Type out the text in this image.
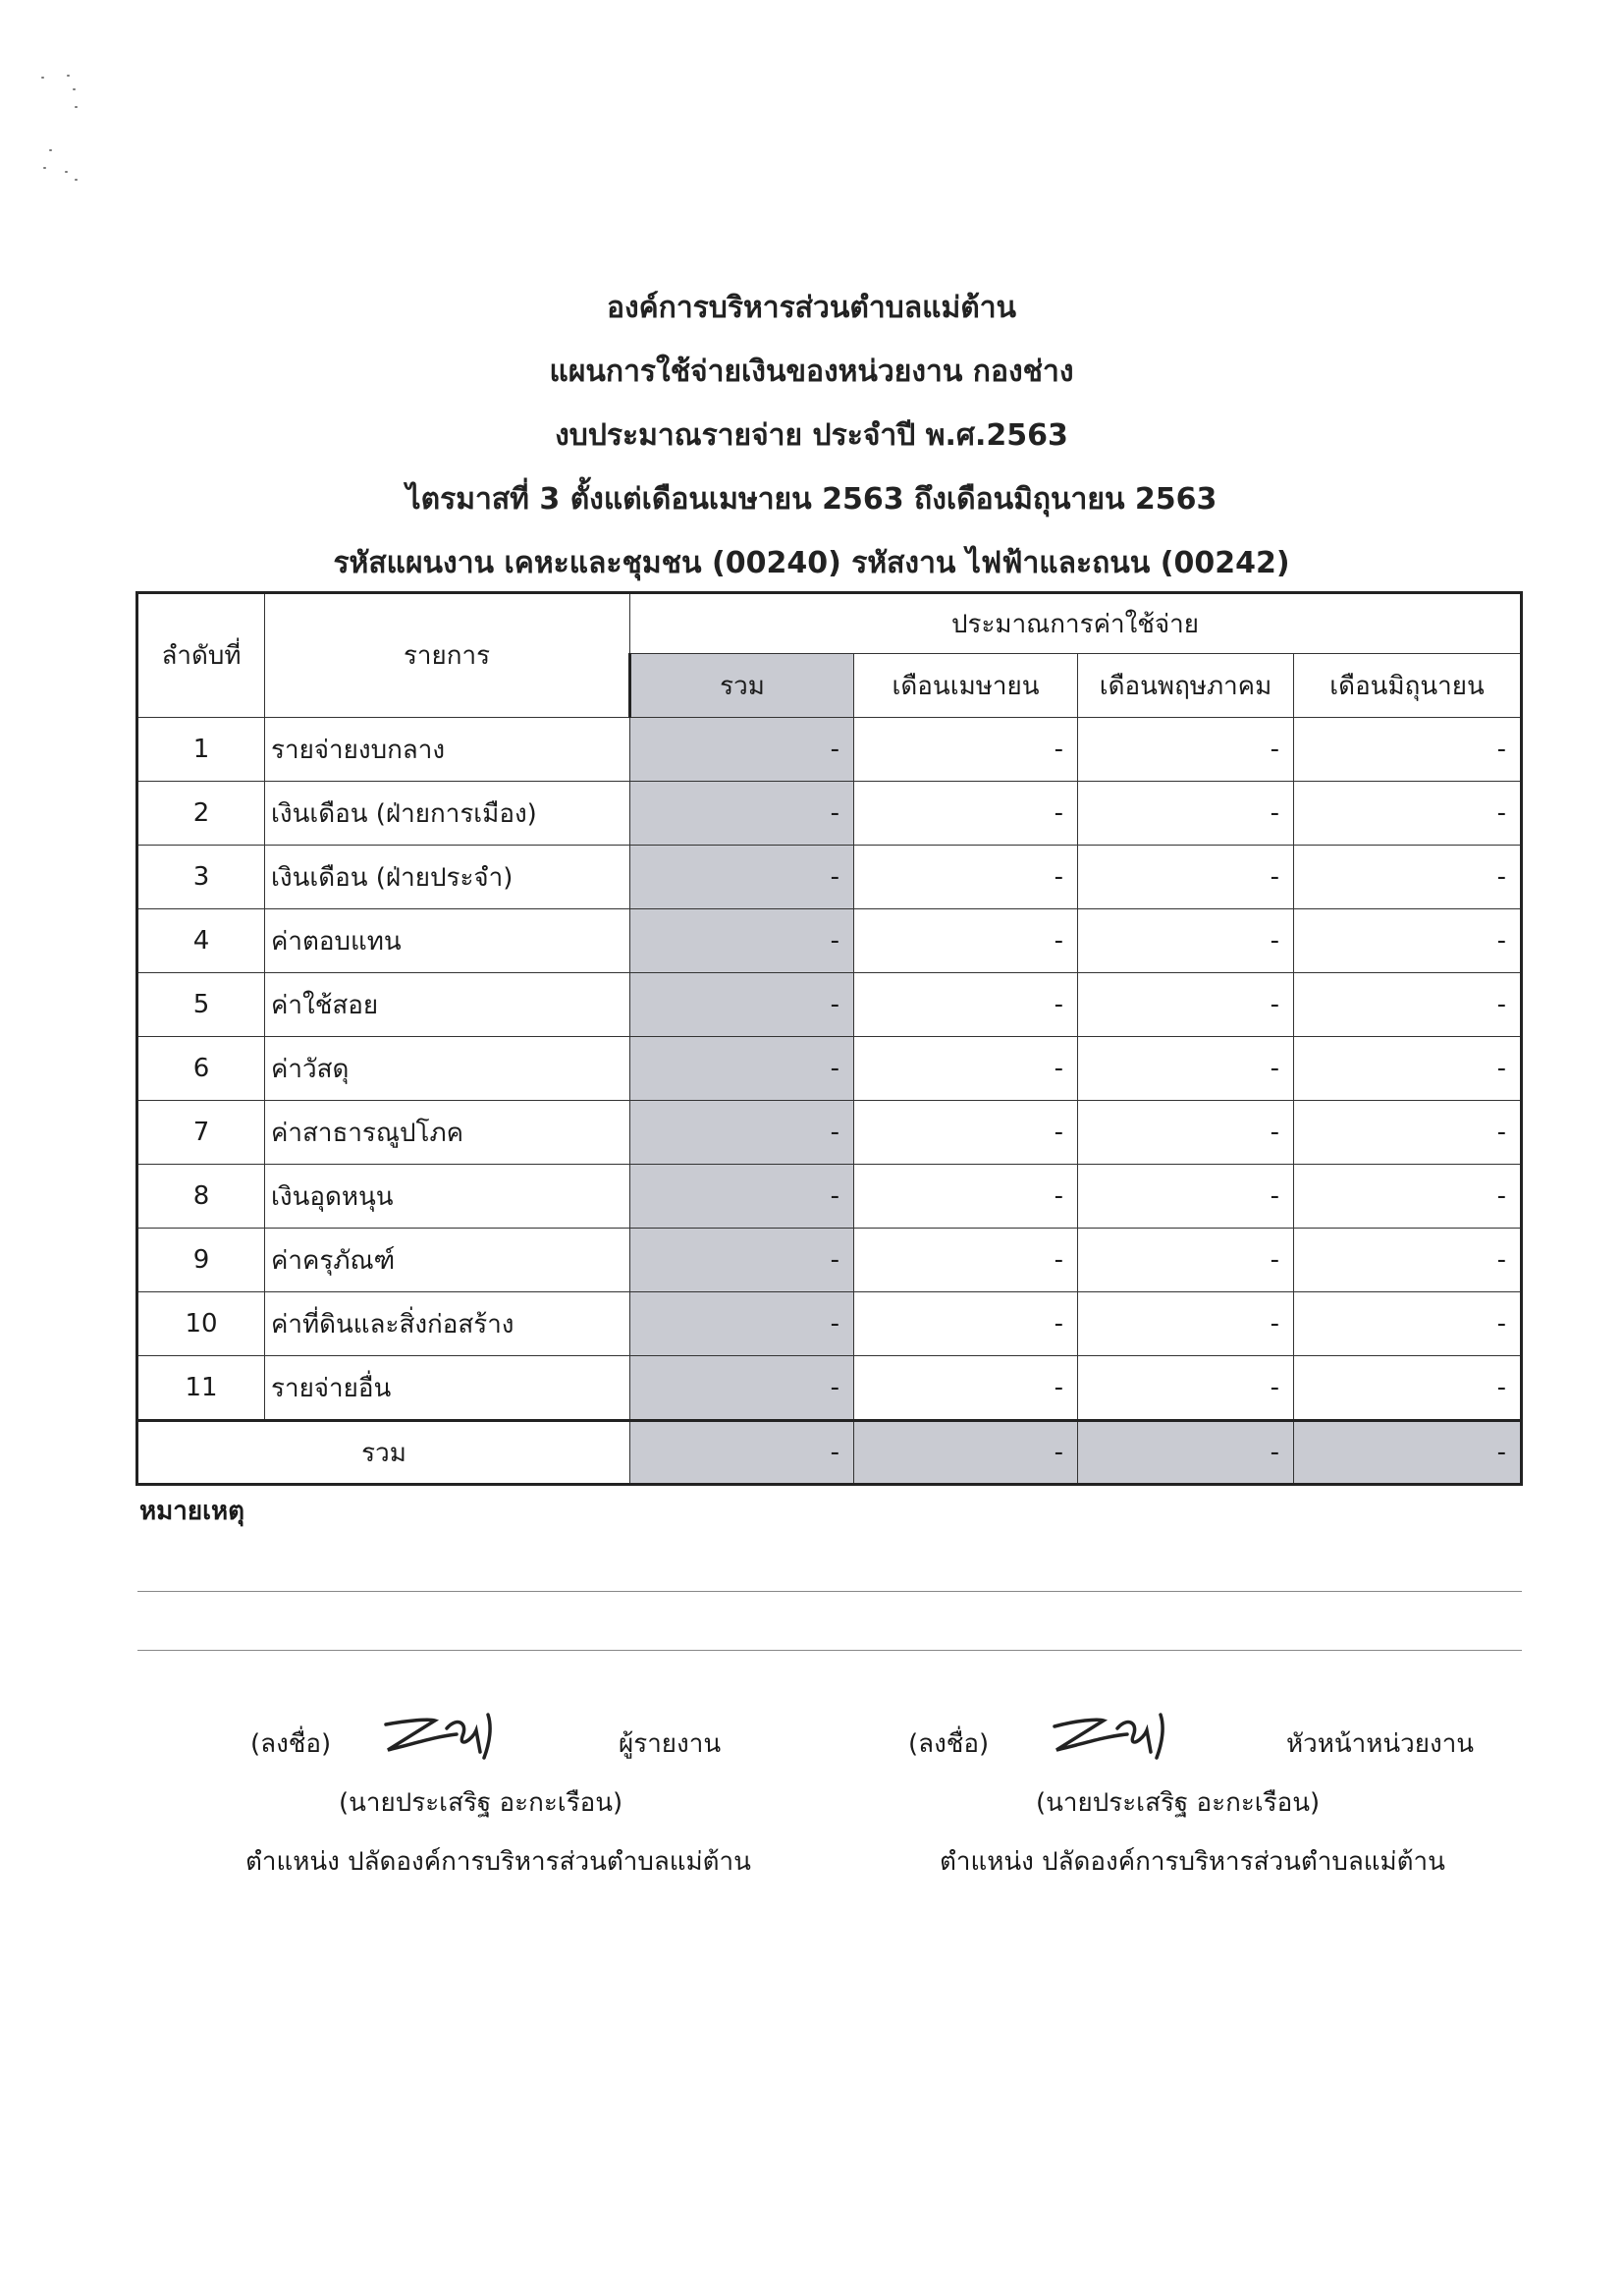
องค์การบริหารส่วนตำบลแม่ต้าน
แผนการใช้จ่ายเงินของหน่วยงาน กองช่าง
งบประมาณรายจ่าย ประจำปี พ.ศ.2563
ไตรมาสที่ 3 ตั้งแต่เดือนเมษายน 2563 ถึงเดือนมิถุนายน 2563
รหัสแผนงาน เคหะและชุมชน (00240) รหัสงาน ไฟฟ้าและถนน (00242)
ลำดับที่	รายการ	ประมาณการค่าใช้จ่าย			
		รวม	เดือนเมษายน	เดือนพฤษภาคม	เดือนมิถุนายน
1	รายจ่ายงบกลาง	-	-	-	-
2	เงินเดือน (ฝ่ายการเมือง)	-	-	-	-
3	เงินเดือน (ฝ่ายประจำ)	-	-	-	-
4	ค่าตอบแทน	-	-	-	-
5	ค่าใช้สอย	-	-	-	-
6	ค่าวัสดุ	-	-	-	-
7	ค่าสาธารณูปโภค	-	-	-	-
8	เงินอุดหนุน	-	-	-	-
9	ค่าครุภัณฑ์	-	-	-	-
10	ค่าที่ดินและสิ่งก่อสร้าง	-	-	-	-
11	รายจ่ายอื่น	-	-	-	-
รวม		-	-	-	-
หมายเหตุ
(ลงชื่อ)	ผู้รายงาน
(นายประเสริฐ อะกะเรือน)
ตำแหน่ง ปลัดองค์การบริหารส่วนตำบลแม่ต้าน
(ลงชื่อ)	หัวหน้าหน่วยงาน
(นายประเสริฐ อะกะเรือน)
ตำแหน่ง ปลัดองค์การบริหารส่วนตำบลแม่ต้าน
